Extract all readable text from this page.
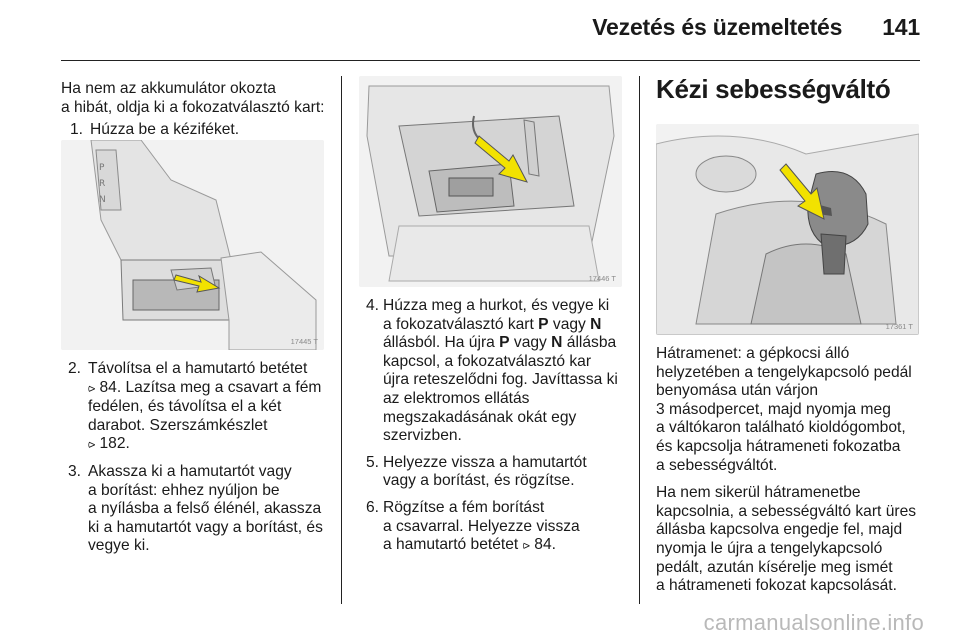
Vezetés és üzemeltetés 141

Ha nem az akkumulátor okozta

a hibát, oldja ki a fokozatválasztó kart:

1. Húzza be a kéziféket.
P
R
N
17445 T
2. Távolítsa el a hamutartó betétet

⪧ 84. Lazítsa meg a csavart a fém

fedélen, és távolítsa el a két

darabot. Szerszámkészlet

⪧ 182.

3. Akassza ki a hamutartót vagy

a borítást: ehhez nyúljon be

a nyílásba a felső élénél, akassza

ki a hamutartót vagy a borítást, és

vegye ki.

17446 T
4. Húzza meg a hurkot, és vegye ki

a fokozatválasztó kart P vagy N

állásból. Ha újra P vagy N állásba

kapcsol, a fokozatválasztó kar

újra reteszelődni fog. Javíttassa ki

az elektromos ellátás

megszakadásának okát egy

szervizben.

5. Helyezze vissza a hamutartót

vagy a borítást, és rögzítse.

6. Rögzítse a fém borítást

a csavarral. Helyezze vissza

a hamutartó betétet ⪧ 84.

Kézi sebességváltó
17361 T

Hátramenet: a gépkocsi álló

helyzetében a tengelykapcsoló pedál

benyomása után várjon

3 másodpercet, majd nyomja meg

a váltókaron található kioldógombot,

és kapcsolja hátrameneti fokozatba

a sebességváltót.

Ha nem sikerül hátramenetbe

kapcsolnia, a sebességváltó kart üres

állásba kapcsolva engedje fel, majd

nyomja le újra a tengelykapcsoló

pedált, azután kísérelje meg ismét

a hátrameneti fokozat kapcsolását.

carmanualsonline.info
